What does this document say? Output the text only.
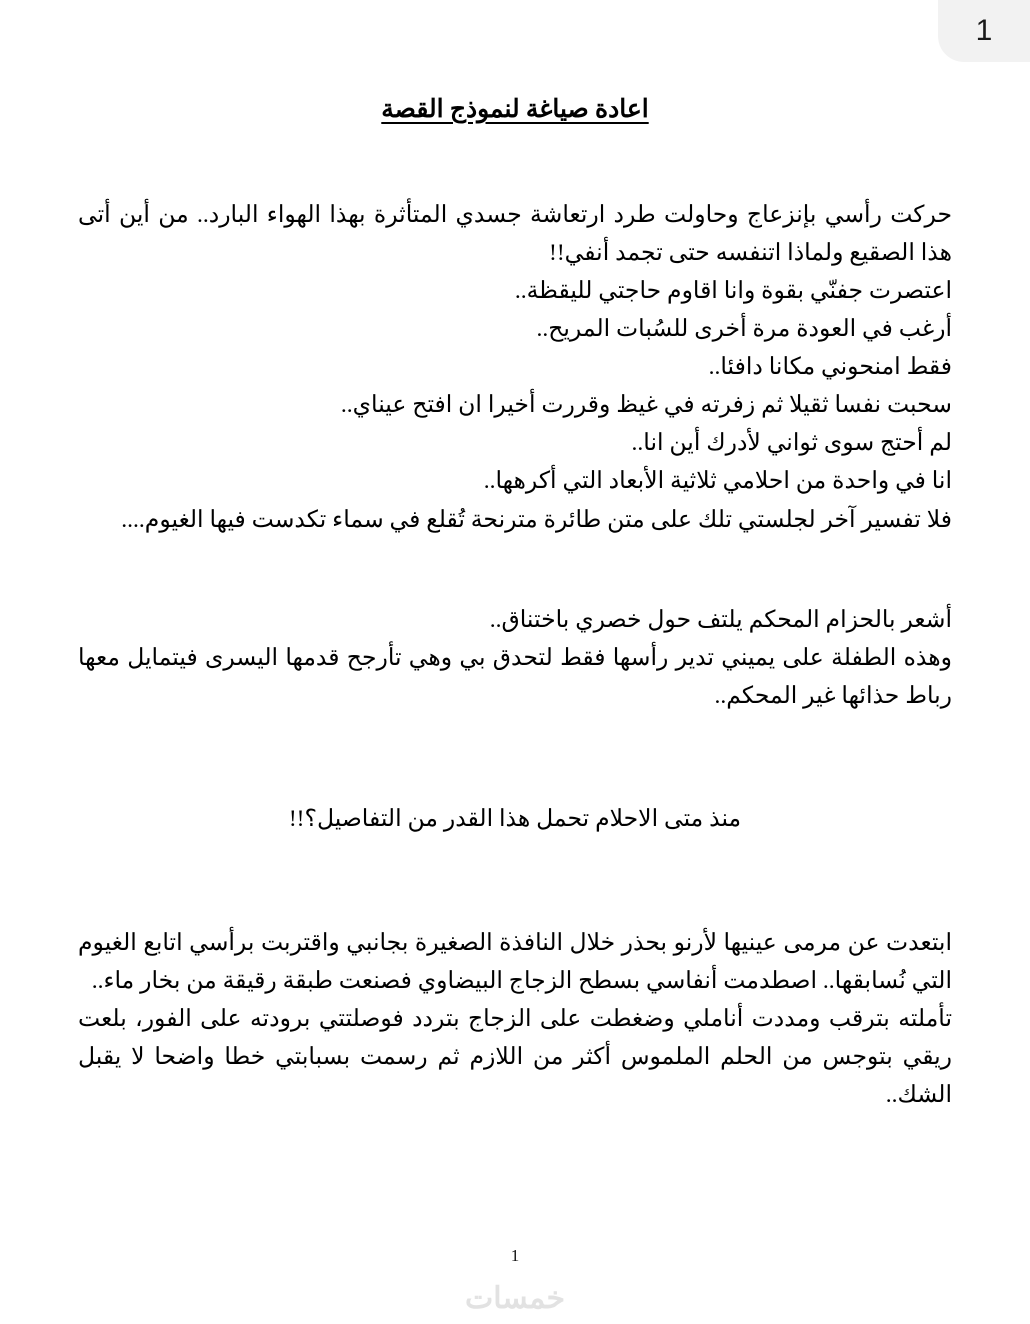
1
اعادة صياغة لنموذج القصة

حركت رأسي بإنزعاج وحاولت طرد ارتعاشة جسدي المتأثرة بهذا الهواء البارد.. من أين أتى هذا الصقيع ولماذا اتنفسه حتى تجمد أنفي!!

اعتصرت جفنّي بقوة وانا اقاوم حاجتي لليقظة..

أرغب في العودة مرة أخرى للسُبات المريح..

فقط امنحوني مكانا دافئا..

سحبت نفسا ثقيلا ثم زفرته في غيظ وقررت أخيرا ان افتح عيناي..

لم أحتج سوى ثواني لأدرك أين انا..

انا في واحدة من احلامي ثلاثية الأبعاد التي أكرهها..

فلا تفسير آخر لجلستي تلك على متن طائرة مترنحة تُقلع في سماء تكدست فيها الغيوم....

أشعر بالحزام المحكم يلتف حول خصري باختناق..

وهذه الطفلة على يميني تدير رأسها فقط لتحدق بي وهي تأرجح قدمها اليسرى فيتمايل معها رباط حذائها غير المحكم..

منذ متى الاحلام تحمل هذا القدر من التفاصيل؟!!

ابتعدت عن مرمى عينيها لأرنو بحذر خلال النافذة الصغيرة بجانبي واقتربت برأسي اتابع الغيوم التي نُسابقها.. اصطدمت أنفاسي بسطح الزجاج البيضاوي فصنعت طبقة رقيقة من بخار ماء..

تأملته بترقب ومددت أناملي وضغطت على الزجاج بتردد فوصلتتي برودته على الفور، بلعت ريقي بتوجس من الحلم الملموس أكثر من اللازم ثم رسمت بسبابتي خطا واضحا لا يقبل الشك..

1
خمسات
